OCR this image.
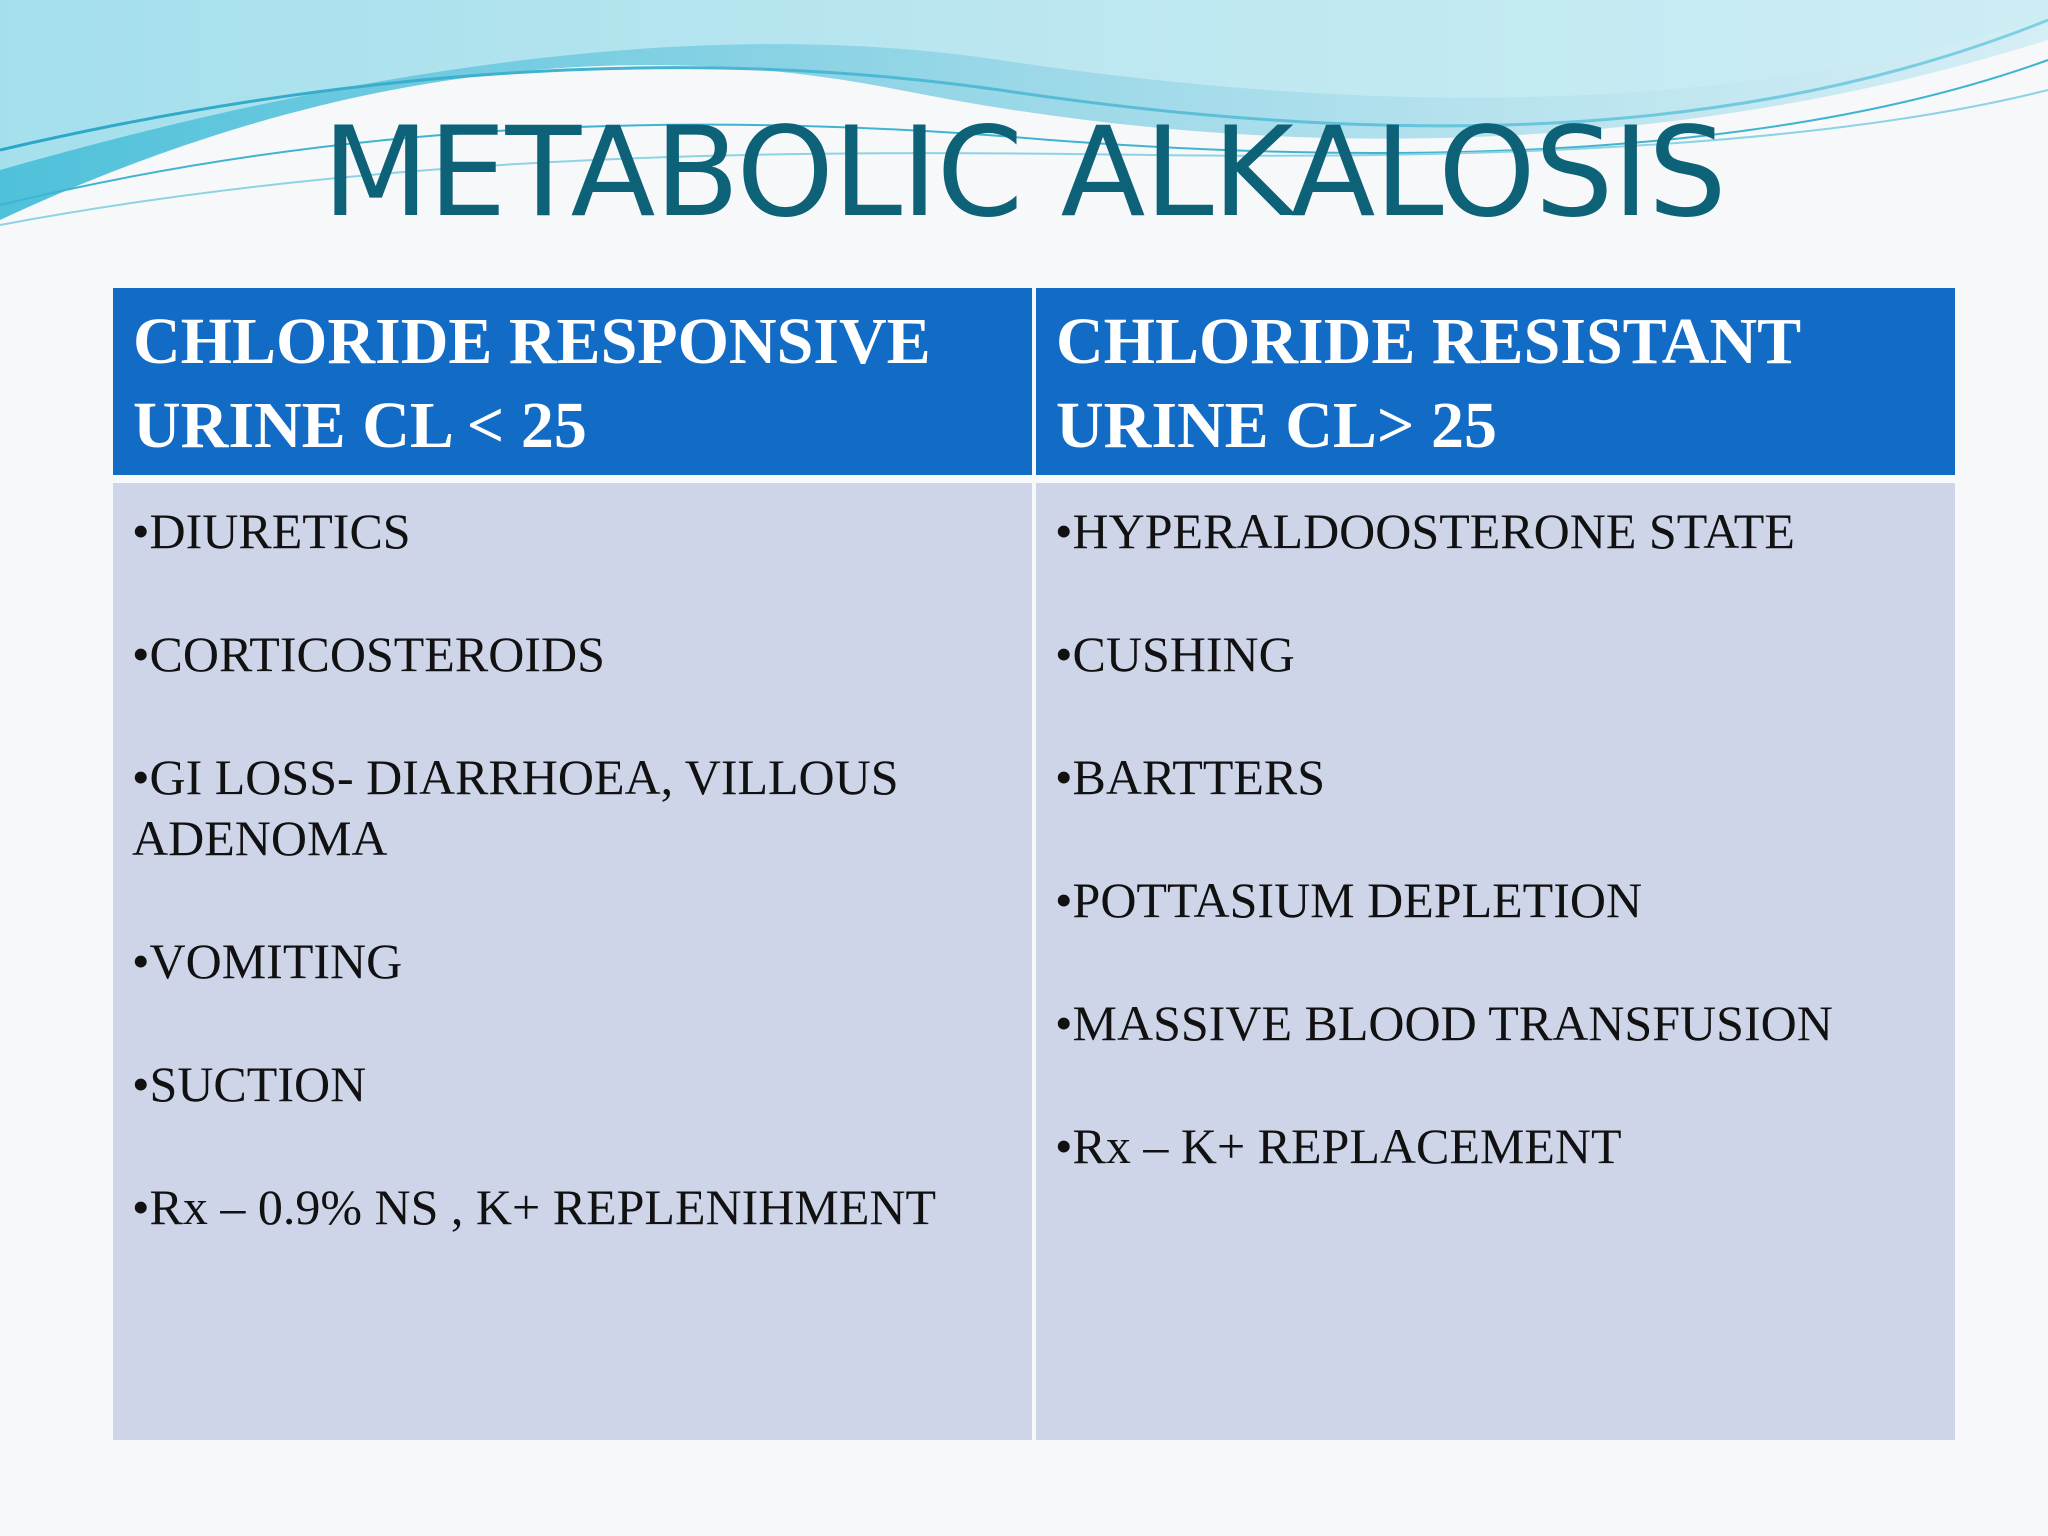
METABOLIC ALKALOSIS
CHLORIDE RESPONSIVE
URINE CL < 25
CHLORIDE RESISTANT
URINE CL> 25
•DIURETICS
•CORTICOSTEROIDS
•GI LOSS- DIARRHOEA, VILLOUS ADENOMA
•VOMITING
•SUCTION
•Rx – 0.9% NS , K+ REPLENIHMENT
•HYPERALDOOSTERONE STATE
•CUSHING
•BARTTERS
•POTTASIUM DEPLETION
•MASSIVE BLOOD TRANSFUSION
•Rx – K+ REPLACEMENT
